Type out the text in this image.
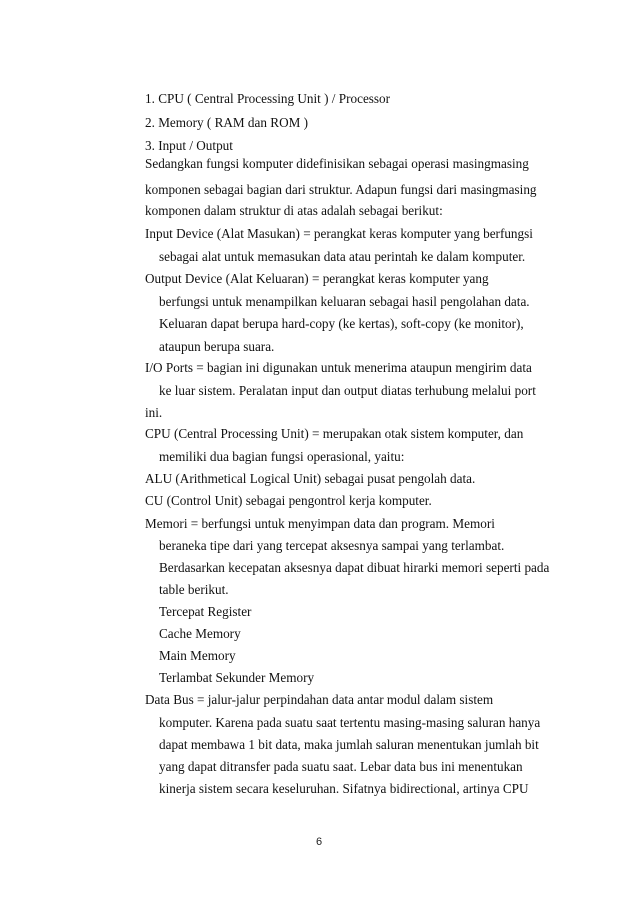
1. CPU ( Central Processing Unit ) / Processor
2. Memory ( RAM dan ROM )
3. Input / Output
Sedangkan fungsi komputer didefinisikan sebagai operasi masingmasing
komponen sebagai bagian dari struktur. Adapun fungsi dari masingmasing
komponen dalam struktur di atas adalah sebagai berikut:
Input Device (Alat Masukan) = perangkat keras komputer yang berfungsi
sebagai alat untuk memasukan data atau perintah ke dalam komputer.
Output Device (Alat Keluaran) = perangkat keras komputer yang
berfungsi untuk menampilkan keluaran sebagai hasil pengolahan data.
Keluaran dapat berupa hard-copy (ke kertas), soft-copy (ke monitor),
ataupun berupa suara.
I/O Ports = bagian ini digunakan untuk menerima ataupun mengirim data
ke luar sistem. Peralatan input dan output diatas terhubung melalui port
ini.
CPU (Central Processing Unit) = merupakan otak sistem komputer, dan
memiliki dua bagian fungsi operasional, yaitu:
ALU (Arithmetical Logical Unit) sebagai pusat pengolah data.
CU (Control Unit) sebagai pengontrol kerja komputer.
Memori = berfungsi untuk menyimpan data dan program. Memori
beraneka tipe dari yang tercepat aksesnya sampai yang terlambat.
Berdasarkan kecepatan aksesnya dapat dibuat hirarki memori seperti pada
table berikut.
Tercepat Register
Cache Memory
Main Memory
Terlambat Sekunder Memory
Data Bus = jalur-jalur perpindahan data antar modul dalam sistem
komputer. Karena pada suatu saat tertentu masing-masing saluran hanya
dapat membawa 1 bit data, maka jumlah saluran menentukan jumlah bit
yang dapat ditransfer pada suatu saat. Lebar data bus ini menentukan
kinerja sistem secara keseluruhan. Sifatnya bidirectional, artinya CPU
6
